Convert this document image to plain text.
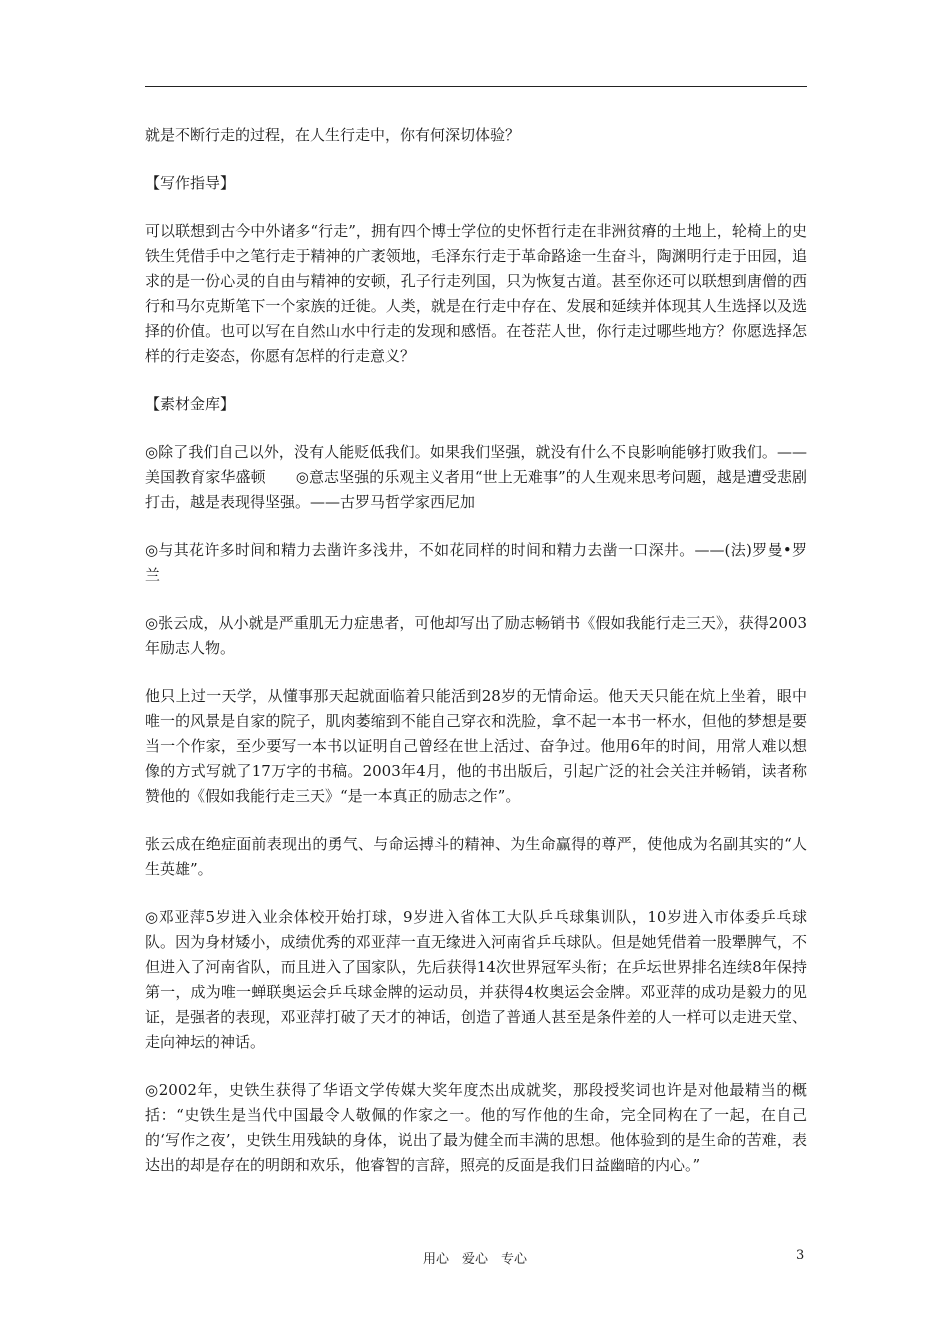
就是不断行走的过程，在人生行走中，你有何深切体验？

【写作指导】

可以联想到古今中外诸多“行走”，拥有四个博士学位的史怀哲行走在非洲贫瘠的土地上，轮椅上的史铁生凭借手中之笔行走于精神的广袤领地，毛泽东行走于革命路途一生奋斗，陶渊明行走于田园，追求的是一份心灵的自由与精神的安顿，孔子行走列国，只为恢复古道。甚至你还可以联想到唐僧的西行和马尔克斯笔下一个家族的迁徙。人类，就是在行走中存在、发展和延续并体现其人生选择以及选择的价值。也可以写在自然山水中行走的发现和感悟。在苍茫人世，你行走过哪些地方？你愿选择怎样的行走姿态，你愿有怎样的行走意义？

【素材金库】

◎除了我们自己以外，没有人能贬低我们。如果我们坚强，就没有什么不良影响能够打败我们。——美国教育家华盛顿　　◎意志坚强的乐观主义者用“世上无难事”的人生观来思考问题，越是遭受悲剧打击，越是表现得坚强。——古罗马哲学家西尼加

◎与其花许多时间和精力去凿许多浅井，不如花同样的时间和精力去凿一口深井。——(法)罗曼•罗兰

◎张云成，从小就是严重肌无力症患者，可他却写出了励志畅销书《假如我能行走三天》，获得2003年励志人物。

他只上过一天学，从懂事那天起就面临着只能活到28岁的无情命运。他天天只能在炕上坐着，眼中唯一的风景是自家的院子，肌肉萎缩到不能自己穿衣和洗脸，拿不起一本书一杯水，但他的梦想是要当一个作家，至少要写一本书以证明自己曾经在世上活过、奋争过。他用6年的时间，用常人难以想像的方式写就了17万字的书稿。2003年4月，他的书出版后，引起广泛的社会关注并畅销，读者称赞他的《假如我能行走三天》“是一本真正的励志之作”。

张云成在绝症面前表现出的勇气、与命运搏斗的精神、为生命赢得的尊严，使他成为名副其实的“人生英雄”。

◎邓亚萍5岁进入业余体校开始打球，9岁进入省体工大队乒乓球集训队，10岁进入市体委乒乓球队。因为身材矮小，成绩优秀的邓亚萍一直无缘进入河南省乒乓球队。但是她凭借着一股犟脾气，不但进入了河南省队，而且进入了国家队，先后获得14次世界冠军头衔；在乒坛世界排名连续8年保持第一，成为唯一蝉联奥运会乒乓球金牌的运动员，并获得4枚奥运会金牌。邓亚萍的成功是毅力的见证，是强者的表现，邓亚萍打破了天才的神话，创造了普通人甚至是条件差的人一样可以走进天堂、走向神坛的神话。

◎2002年，史铁生获得了华语文学传媒大奖年度杰出成就奖，那段授奖词也许是对他最精当的概括：“史铁生是当代中国最令人敬佩的作家之一。他的写作他的生命，完全同构在了一起，在自己的‘写作之夜’，史铁生用残缺的身体，说出了最为健全而丰满的思想。他体验到的是生命的苦难，表达出的却是存在的明朗和欢乐，他睿智的言辞，照亮的反面是我们日益幽暗的内心。”

用心　爱心　专心	3
